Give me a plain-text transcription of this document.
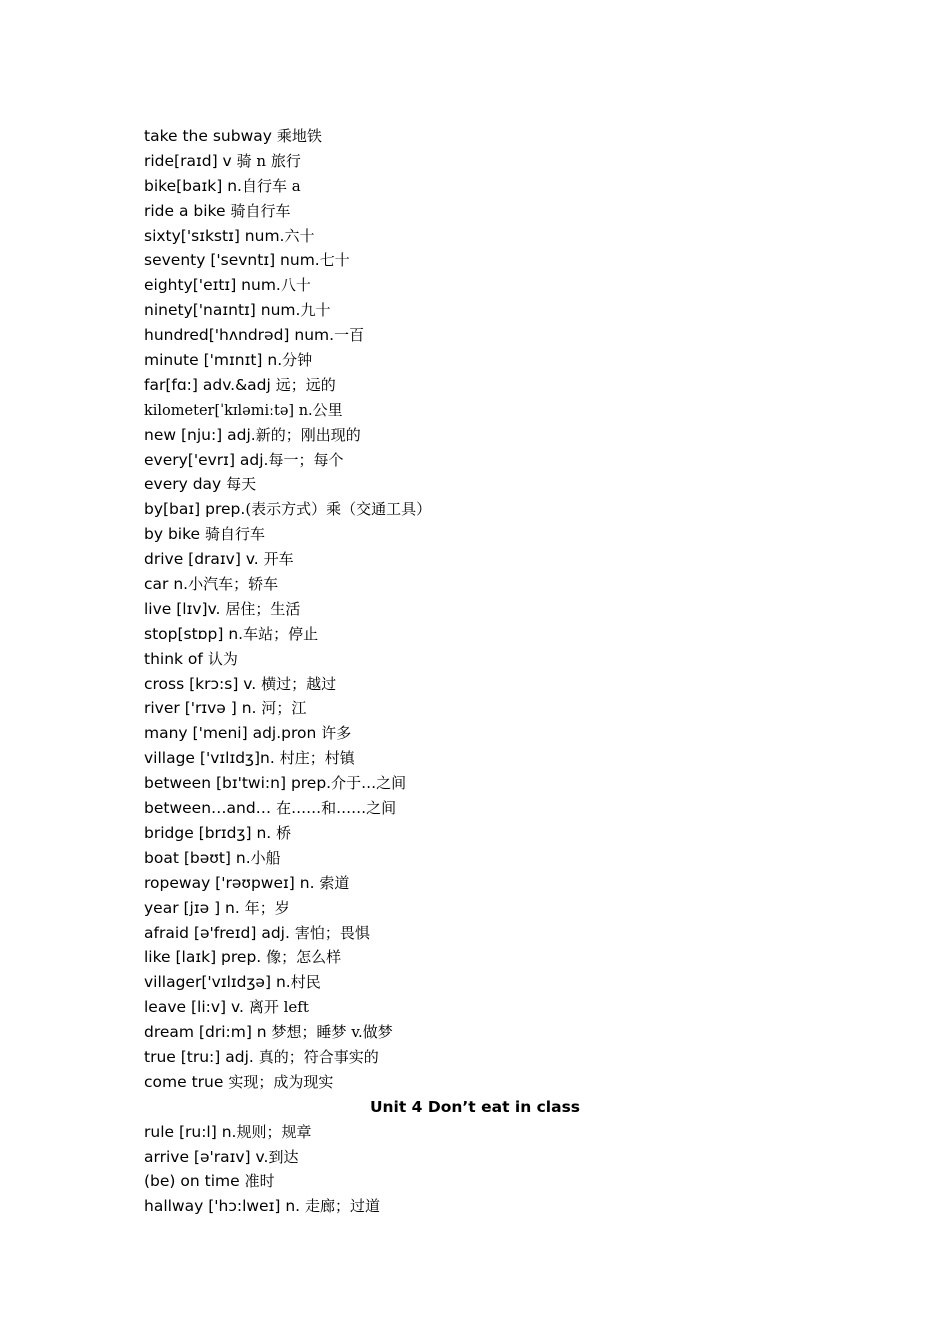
take the subway 乘地铁
ride[raɪd] v 骑 n 旅行
bike[baɪk] n.自行车 a
ride a bike 骑自行车
sixty['sɪkstɪ] num.六十
seventy ['sevntɪ] num.七十
eighty['eɪtɪ] num.八十
ninety['naɪntɪ] num.九十
hundred['hʌndrəd] num.一百
minute ['mɪnɪt] n.分钟
far[fɑ:] adv.&adj 远；远的
kilometer[ˈkɪləmiːtə] n.公里
new [nju:] adj.新的；刚出现的
every['evrɪ] adj.每一；每个
every day 每天
by[baɪ] prep.(表示方式）乘（交通工具）
by bike 骑自行车
drive [draɪv] v. 开车
car n.小汽车；轿车
live [lɪv]v. 居住；生活
stop[stɒp] n.车站；停止
think of 认为
cross [krɔ:s] v. 横过；越过
river ['rɪvə ] n. 河；江
many ['meni] adj.pron 许多
village ['vɪlɪdʒ]n. 村庄；村镇
between [bɪ'twi:n] prep.介于…之间
between…and… 在……和……之间
bridge [brɪdʒ] n. 桥
boat [bəʊt] n.小船
ropeway ['rəʊpweɪ] n. 索道
year [jɪə ] n. 年；岁
afraid [ə'freɪd] adj. 害怕；畏惧
like [laɪk] prep. 像；怎么样
villager['vɪlɪdʒə] n.村民
leave [li:v] v. 离开 left
dream [dri:m] n 梦想；睡梦 v.做梦
true [tru:] adj. 真的；符合事实的
come true 实现；成为现实
Unit 4 Don’t eat in class
rule [ru:l] n.规则；规章
arrive [ə'raɪv] v.到达
(be) on time 准时
hallway ['hɔ:lweɪ] n. 走廊；过道
